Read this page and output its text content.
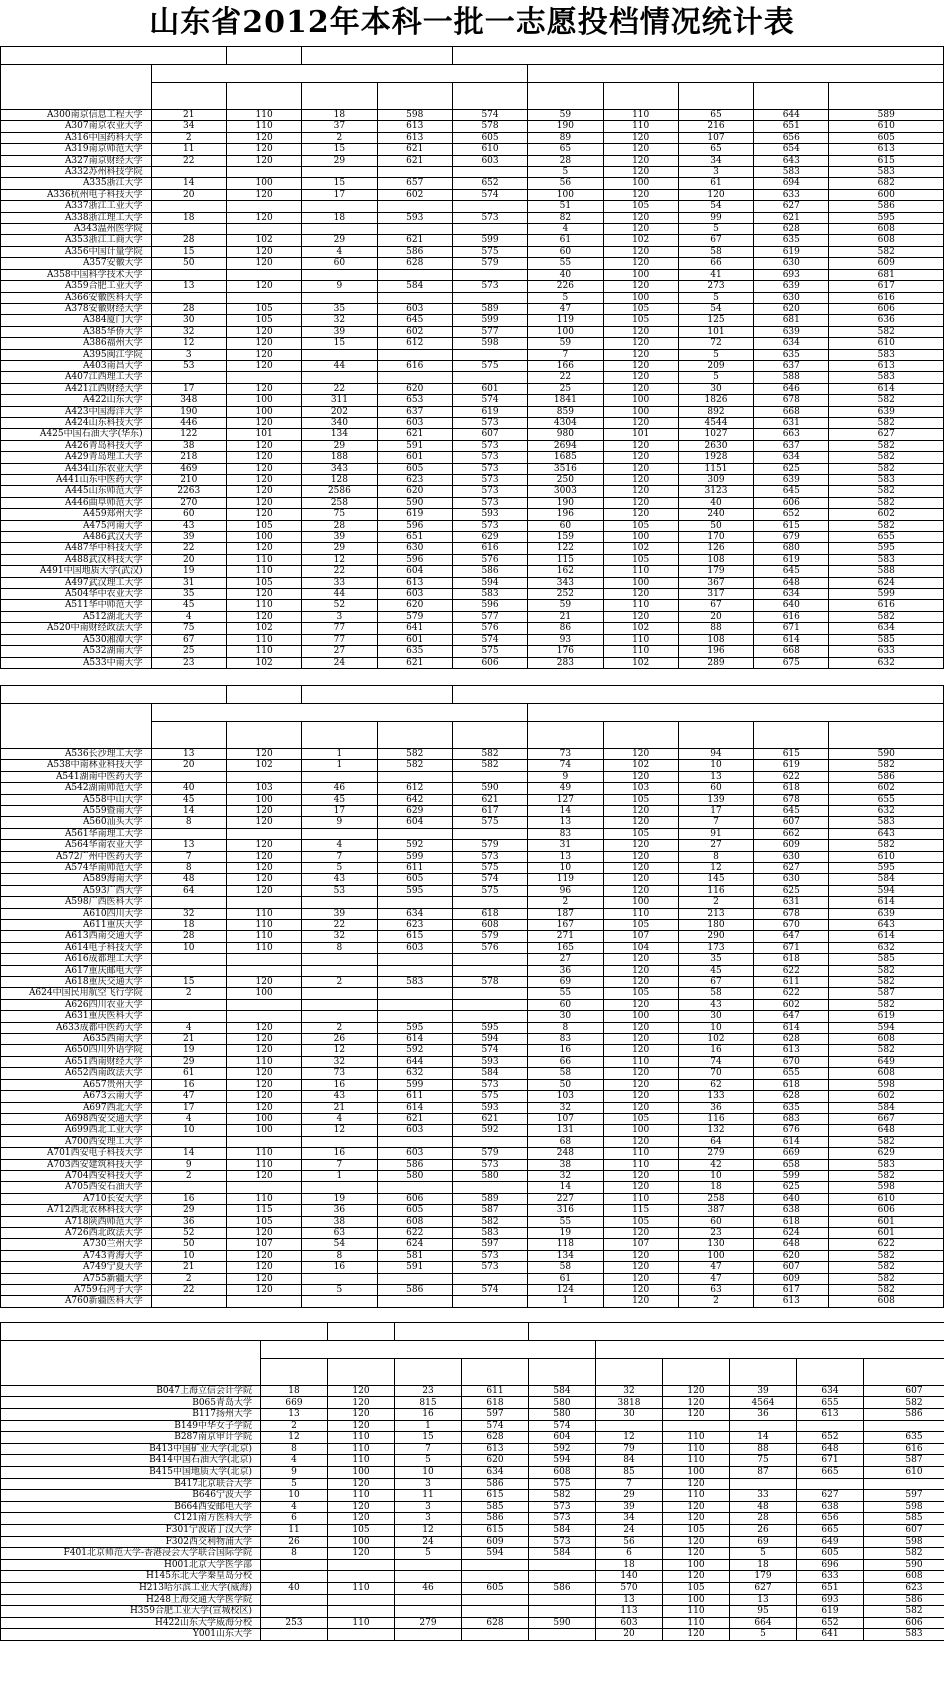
山东省2012年本科一批一志愿投档情况统计表

A300南京信息工程大学	21	110	18	598	574	59	110	65	644	589
A307南京农业大学	34	110	37	613	578	190	110	216	651	610
A316中国药科大学	2	120	2	613	605	89	120	107	656	605
A319南京师范大学	11	120	15	621	610	65	120	65	654	613
A327南京财经大学	22	120	29	621	603	28	120	34	643	615
A332苏州科技学院						5	120	3	583	583
A335浙江大学	14	100	15	657	652	56	100	61	694	682
A336杭州电子科技大学	20	120	17	602	574	100	120	120	633	600
A337浙江工业大学						51	105	54	627	586
A338浙江理工大学	18	120	18	593	573	82	120	99	621	595
A343温州医学院						4	120	5	628	608
A353浙江工商大学	28	102	29	621	599	61	102	67	635	608
A356中国计量学院	15	120	4	586	575	60	120	58	619	582
A357安徽大学	50	120	60	628	579	55	120	66	630	609
A358中国科学技术大学						40	100	41	693	681
A359合肥工业大学	13	120	9	584	573	226	120	273	639	617
A366安徽医科大学						5	100	5	630	616
A378安徽财经大学	28	105	35	603	589	47	105	54	620	606
A384厦门大学	30	105	32	645	599	119	105	125	681	636
A385华侨大学	32	120	39	602	577	100	120	101	639	582
A386福州大学	12	120	15	612	598	59	120	72	634	610
A395闽江学院	3	120				7	120	5	635	583
A403南昌大学	53	120	44	616	575	166	120	209	637	613
A407江西理工大学						22	120	5	588	583
A421江西财经大学	17	120	22	620	601	25	120	30	646	614
A422山东大学	348	100	311	653	574	1841	100	1826	678	582
A423中国海洋大学	190	100	202	637	619	859	100	892	668	639
A424山东科技大学	446	120	340	603	573	4304	120	4544	631	582
A425中国石油大学(华东)	122	101	134	621	607	980	101	1027	663	627
A426青岛科技大学	38	120	29	591	573	2694	120	2630	637	582
A429青岛理工大学	218	120	188	601	573	1685	120	1928	634	582
A434山东农业大学	469	120	343	605	573	3516	120	1151	625	582
A441山东中医药大学	210	120	128	623	573	250	120	309	639	583
A445山东师范大学	2263	120	2586	620	573	3003	120	3123	645	582
A446曲阜师范大学	270	120	258	590	573	190	120	40	606	582
A459郑州大学	60	120	75	619	593	196	120	240	652	602
A475河南大学	43	105	28	596	573	60	105	50	615	582
A486武汉大学	39	100	39	651	629	159	100	170	679	655
A487华中科技大学	22	120	29	630	616	122	102	126	680	595
A488武汉科技大学	20	110	12	596	576	115	105	108	619	583
A491中国地质大学(武汉)	19	110	22	604	586	162	110	179	645	588
A497武汉理工大学	31	105	33	613	594	343	100	367	648	624
A504华中农业大学	35	120	44	603	583	252	120	317	634	599
A511华中师范大学	45	110	52	620	596	59	110	67	640	616
A512湖北大学	4	120	3	579	577	21	120	20	616	582
A520中南财经政法大学	75	102	77	641	576	86	102	88	671	634
A530湘潭大学	67	110	77	601	574	93	110	108	614	585
A532湖南大学	25	110	27	635	575	176	110	196	668	633
A533中南大学	23	102	24	621	606	283	102	289	675	632

A536长沙理工大学	13	120	1	582	582	73	120	94	615	590
A538中南林业科技大学	20	102	1	582	582	74	102	10	619	582
A541湖南中医药大学						9	120	13	622	586
A542湖南师范大学	40	103	46	612	590	49	103	60	618	602
A558中山大学	45	100	45	642	621	127	105	139	678	655
A559暨南大学	14	120	17	629	617	14	120	17	645	632
A560汕头大学	8	120	9	604	575	13	120	7	607	583
A561华南理工大学						83	105	91	662	643
A564华南农业大学	13	120	4	592	579	31	120	27	609	582
A572广州中医药大学	7	120	7	599	573	13	120	8	630	610
A574华南师范大学	8	120	5	611	575	10	120	12	627	595
A589海南大学	48	120	43	605	574	119	120	145	630	584
A593广西大学	64	120	53	595	575	96	120	116	625	594
A598广西医科大学						2	100	2	631	614
A610四川大学	32	110	39	634	618	187	110	213	678	639
A611重庆大学	18	110	22	623	608	167	105	180	670	643
A613西南交通大学	28	110	32	615	579	271	107	290	647	614
A614电子科技大学	10	110	8	603	576	165	104	173	671	632
A616成都理工大学						27	120	35	618	585
A617重庆邮电大学						36	120	45	622	582
A618重庆交通大学	15	120	2	583	578	69	120	67	611	582
A624中国民用航空飞行学院	2	100				55	105	58	622	587
A626四川农业大学						60	120	43	602	582
A631重庆医科大学						30	100	30	647	619
A633成都中医药大学	4	120	2	595	595	8	120	10	614	594
A635西南大学	21	120	26	614	594	83	120	102	628	608
A650四川外语学院	19	120	12	592	574	16	120	16	613	582
A651西南财经大学	29	110	32	644	593	66	110	74	670	649
A652西南政法大学	61	120	73	632	584	58	120	70	655	608
A657贵州大学	16	120	16	599	573	50	120	62	618	598
A673云南大学	47	120	43	611	575	103	120	133	628	602
A697西北大学	17	120	21	614	593	32	120	36	635	584
A698西安交通大学	4	100	4	621	621	107	105	116	683	667
A699西北工业大学	10	100	12	603	592	131	100	132	676	648
A700西安理工大学						68	120	64	614	582
A701西安电子科技大学	14	110	16	603	579	248	110	279	669	629
A703西安建筑科技大学	9	110	7	586	573	38	110	42	658	583
A704西安科技大学	2	120	1	580	580	32	120	10	599	582
A705西安石油大学						14	120	18	625	598
A710长安大学	16	110	19	606	589	227	110	258	640	610
A712西北农林科技大学	29	115	36	605	587	316	115	387	638	606
A718陕西师范大学	36	105	38	608	582	55	105	60	618	601
A726西北政法大学	52	120	63	622	583	19	120	23	624	601
A730兰州大学	50	107	54	624	597	118	107	130	648	622
A743青海大学	10	120	8	581	573	134	120	100	620	582
A749宁夏大学	21	120	16	591	573	58	120	47	607	582
A755新疆大学	2	120				61	120	47	609	582
A759石河子大学	22	120	5	586	574	124	120	63	617	582
A760新疆医科大学						1	120	2	613	608

B047上海立信会计学院	18	120	23	611	584	32	120	39	634	607
B065青岛大学	669	120	815	618	580	3818	120	4564	655	582
B117扬州大学	13	120	16	597	580	30	120	36	613	586
B149中华女子学院	2	120	1	574	574					
B287南京审计学院	12	110	15	628	604	12	110	14	652	635
B413中国矿业大学(北京)	8	110	7	613	592	79	110	88	648	616
B414中国石油大学(北京)	4	110	5	620	594	84	110	75	671	587
B415中国地质大学(北京)	9	100	10	634	608	85	100	87	665	610
B417北京联合大学	5	120	3	586	575	7	120			
B646宁波大学	10	110	11	615	582	29	110	33	627	597
B664西安邮电大学	4	120	3	585	573	39	120	48	638	598
C121南方医科大学	6	120	3	586	573	34	120	28	656	585
F301宁波诺丁汉大学	11	105	12	615	584	24	105	26	665	607
F302西交利物浦大学	26	100	24	609	573	56	120	69	649	598
F401北京师范大学-香港浸会大学联合国际学院	8	120	5	594	584	6	120	5	605	582
H001北京大学医学部						18	100	18	696	590
H145东北大学秦皇岛分校						140	120	179	633	608
H213哈尔滨工业大学(威海)	40	110	46	605	586	570	105	627	651	623
H248上海交通大学医学院						13	100	13	693	586
H359合肥工业大学(宣城校区)						113	110	95	619	582
H422山东大学威海分校	253	110	279	628	590	603	110	664	652	606
Y001山东大学						20	120	5	641	583
